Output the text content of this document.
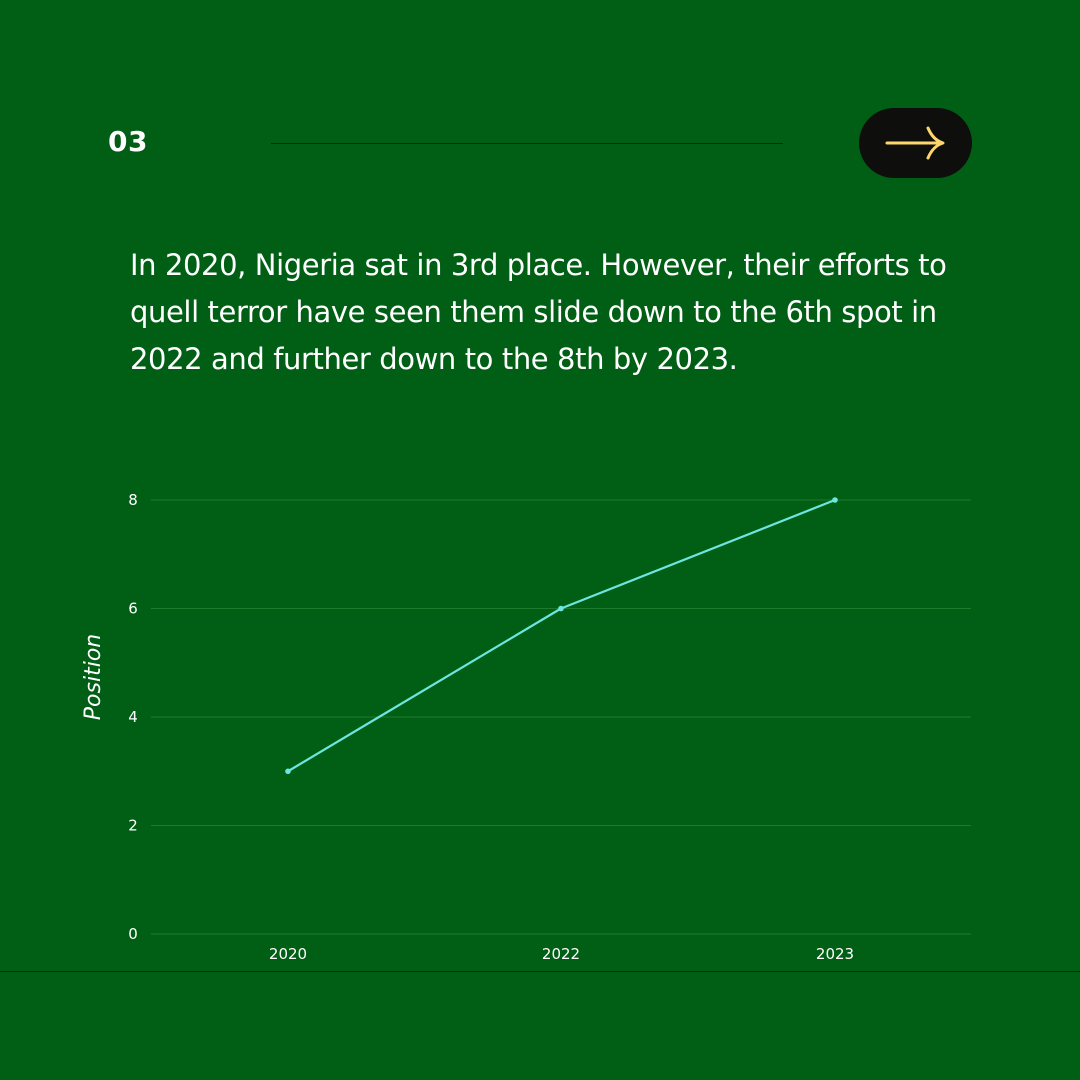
03

In 2020, Nigeria sat in 3rd place. However, their efforts to quell terror have seen them slide down to the 6th spot in 2022 and further down to the 8th by 2023.

0
2
4
6
8
2020	2022	2023
Position
